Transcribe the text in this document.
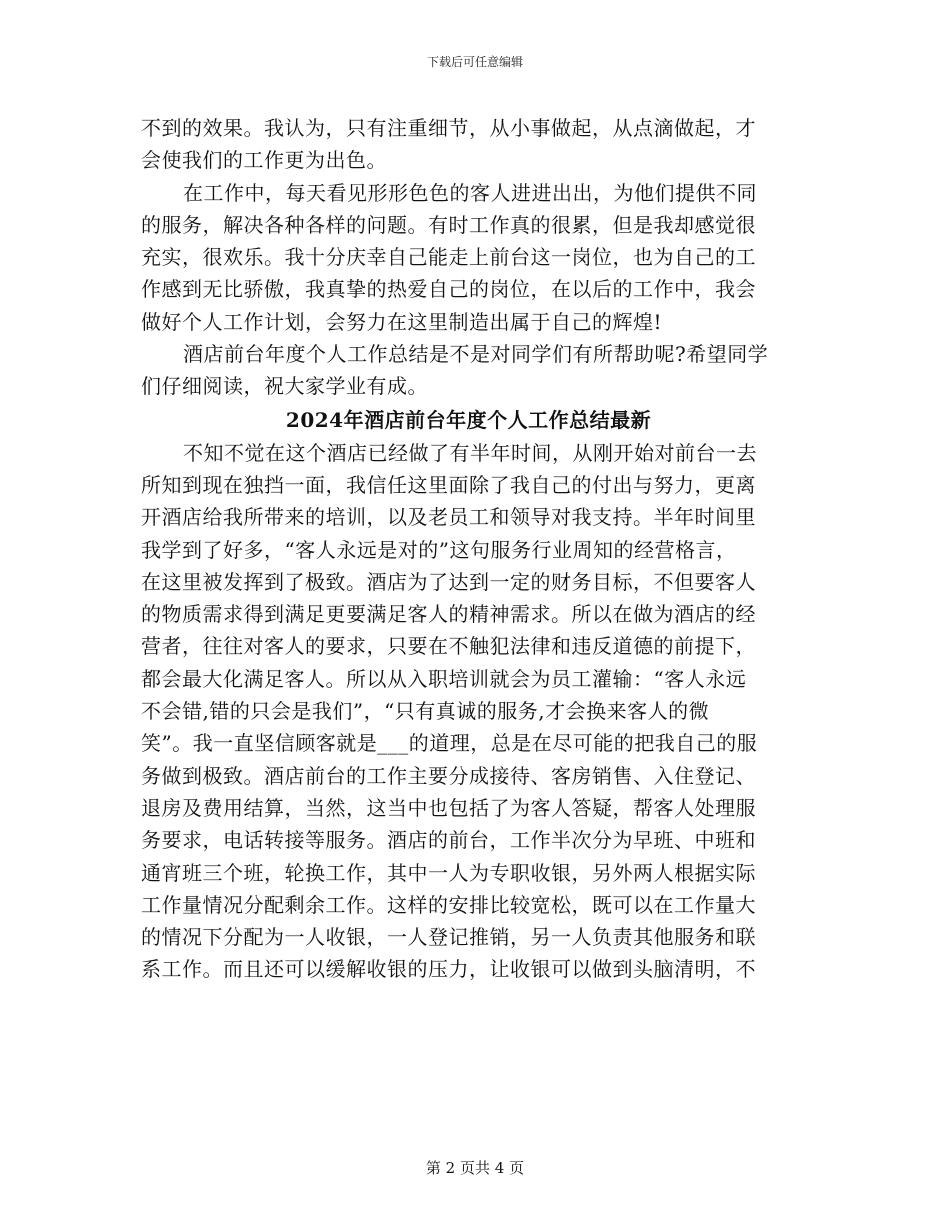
下载后可任意编辑
不到的效果。我认为，只有注重细节，从小事做起，从点滴做起，才
会使我们的工作更为出色。
在工作中，每天看见形形色色的客人进进出出，为他们提供不同
的服务，解决各种各样的问题。有时工作真的很累，但是我却感觉很
充实，很欢乐。我十分庆幸自己能走上前台这一岗位，也为自己的工
作感到无比骄傲，我真挚的热爱自己的岗位，在以后的工作中，我会
做好个人工作计划，会努力在这里制造出属于自己的辉煌!
酒店前台年度个人工作总结是不是对同学们有所帮助呢?希望同学
们仔细阅读，祝大家学业有成。
2024年酒店前台年度个人工作总结最新
不知不觉在这个酒店已经做了有半年时间，从刚开始对前台一去
所知到现在独挡一面，我信任这里面除了我自己的付出与努力，更离
开酒店给我所带来的培训，以及老员工和领导对我支持。半年时间里
我学到了好多，“客人永远是对的”这句服务行业周知的经营格言，
在这里被发挥到了极致。酒店为了达到一定的财务目标，不但要客人
的物质需求得到满足更要满足客人的精神需求。所以在做为酒店的经
营者，往往对客人的要求，只要在不触犯法律和违反道德的前提下，
都会最大化满足客人。所以从入职培训就会为员工灌输：“客人永远
不会错,错的只会是我们”，“只有真诚的服务,才会换来客人的微
笑”。我一直坚信顾客就是___的道理，总是在尽可能的把我自己的服
务做到极致。酒店前台的工作主要分成接待、客房销售、入住登记、
退房及费用结算，当然，这当中也包括了为客人答疑，帮客人处理服
务要求，电话转接等服务。酒店的前台，工作半次分为早班、中班和
通宵班三个班，轮换工作，其中一人为专职收银，另外两人根据实际
工作量情况分配剩余工作。这样的安排比较宽松，既可以在工作量大
的情况下分配为一人收银，一人登记推销，另一人负责其他服务和联
系工作。而且还可以缓解收银的压力，让收银可以做到头脑清明，不
第 2 页共 4 页
